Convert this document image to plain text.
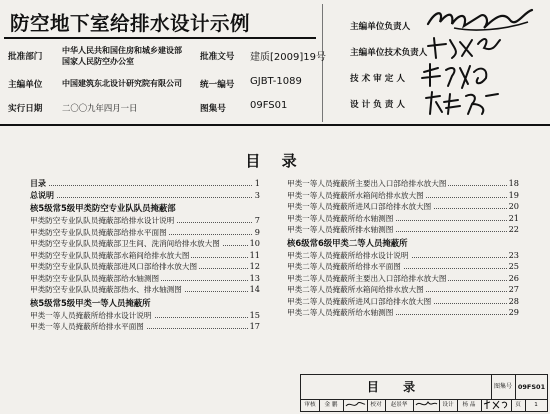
防空地下室给排水设计示例
批准部门
中华人民共和国住房和城乡建设部
国家人民防空办公室	批准文号 建质[2009]19号
主编单位 中国建筑东北设计研究院有限公司 统一编号 GJBT-1089
实行日期 二〇〇九年四月一日	图集号 09FS01
主编单位负责人
主编单位技术负责人
技 术 审 定 人
设 计 负 责 人
目 录
目录	1
总说明	3
核5级常5级甲类防空专业队队员掩蔽部
甲类防空专业队队员掩蔽部给排水设计说明	7
甲类防空专业队队员掩蔽部给排水平面图	9
甲类防空专业队队员掩蔽部卫生间、洗消间给排水放大图	10
甲类防空专业队队员掩蔽部水箱间给排水放大图	11
甲类防空专业队队员掩蔽部进风口部给排水放大图	12
甲类防空专业队队员掩蔽部给水轴测图	13
甲类防空专业队队员掩蔽部热水、排水轴测图	14
核5级常5级甲类一等人员掩蔽所
甲类一等人员掩蔽所给排水设计说明	15
甲类一等人员掩蔽所给排水平面图	17
甲类一等人员掩蔽所主要出入口部给排水放大图	18
甲类一等人员掩蔽所水箱间给排水放大图	19
甲类一等人员掩蔽所进风口部给排水放大图	20
甲类一等人员掩蔽所给水轴测图	21
甲类一等人员掩蔽所排水轴测图	22
核6级常6级甲类二等人员掩蔽所
甲类二等人员掩蔽所给排水设计说明	23
甲类二等人员掩蔽所给排水平面图	25
甲类二等人员掩蔽所主要出入口部给排水放大图	26
甲类二等人员掩蔽所水箱间给排水放大图	27
甲类二等人员掩蔽所进风口部给排水放大图	28
甲类二等人员掩蔽所给水轴测图	29
目 录	图集号 09FS01
审核	金 鹏	校对	赵景华	设计	杨 晶	页	1
